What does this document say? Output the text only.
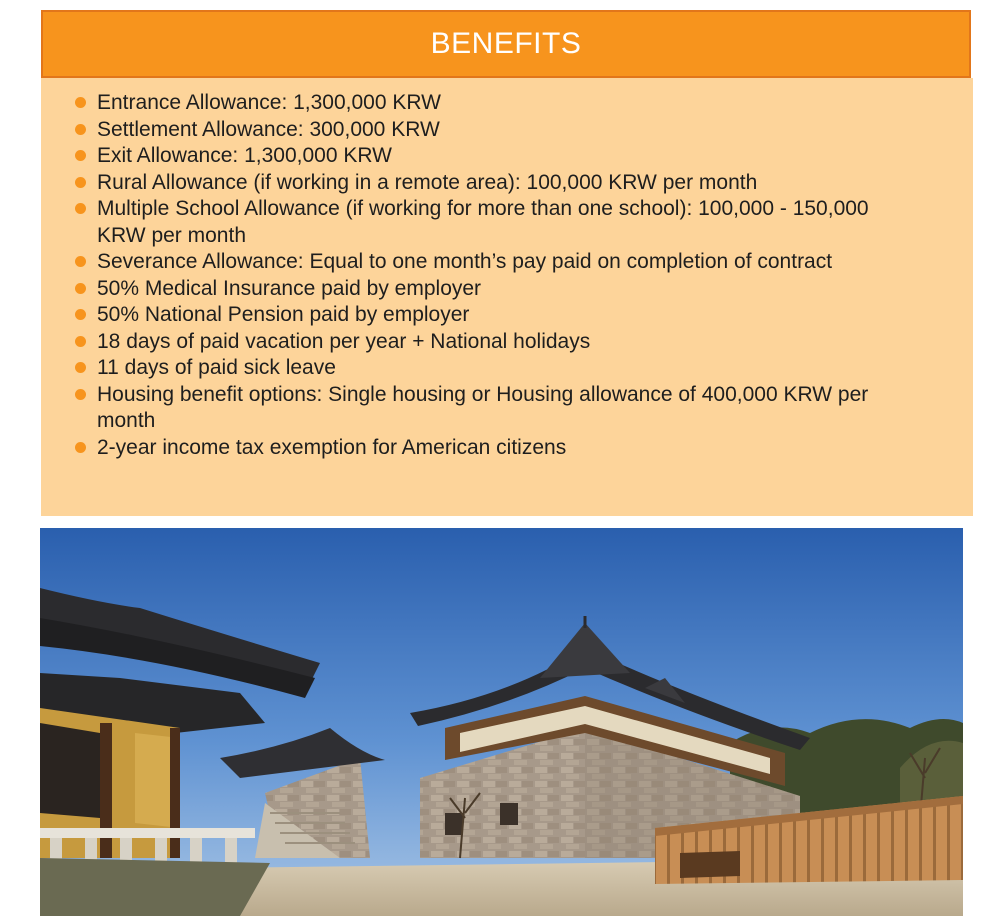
BENEFITS
Entrance Allowance: 1,300,000 KRW
Settlement Allowance: 300,000 KRW
Exit Allowance: 1,300,000 KRW
Rural Allowance (if working in a remote area): 100,000 KRW per month
Multiple School Allowance (if working for more than one school): 100,000 - 150,000 KRW per month
Severance Allowance: Equal to one month’s pay paid on completion of contract
50% Medical Insurance paid by employer
50% National Pension paid by employer
18 days of paid vacation per year + National holidays
11 days of paid sick leave
Housing benefit options: Single housing or Housing allowance of 400,000 KRW per month
2-year income tax exemption for American citizens
